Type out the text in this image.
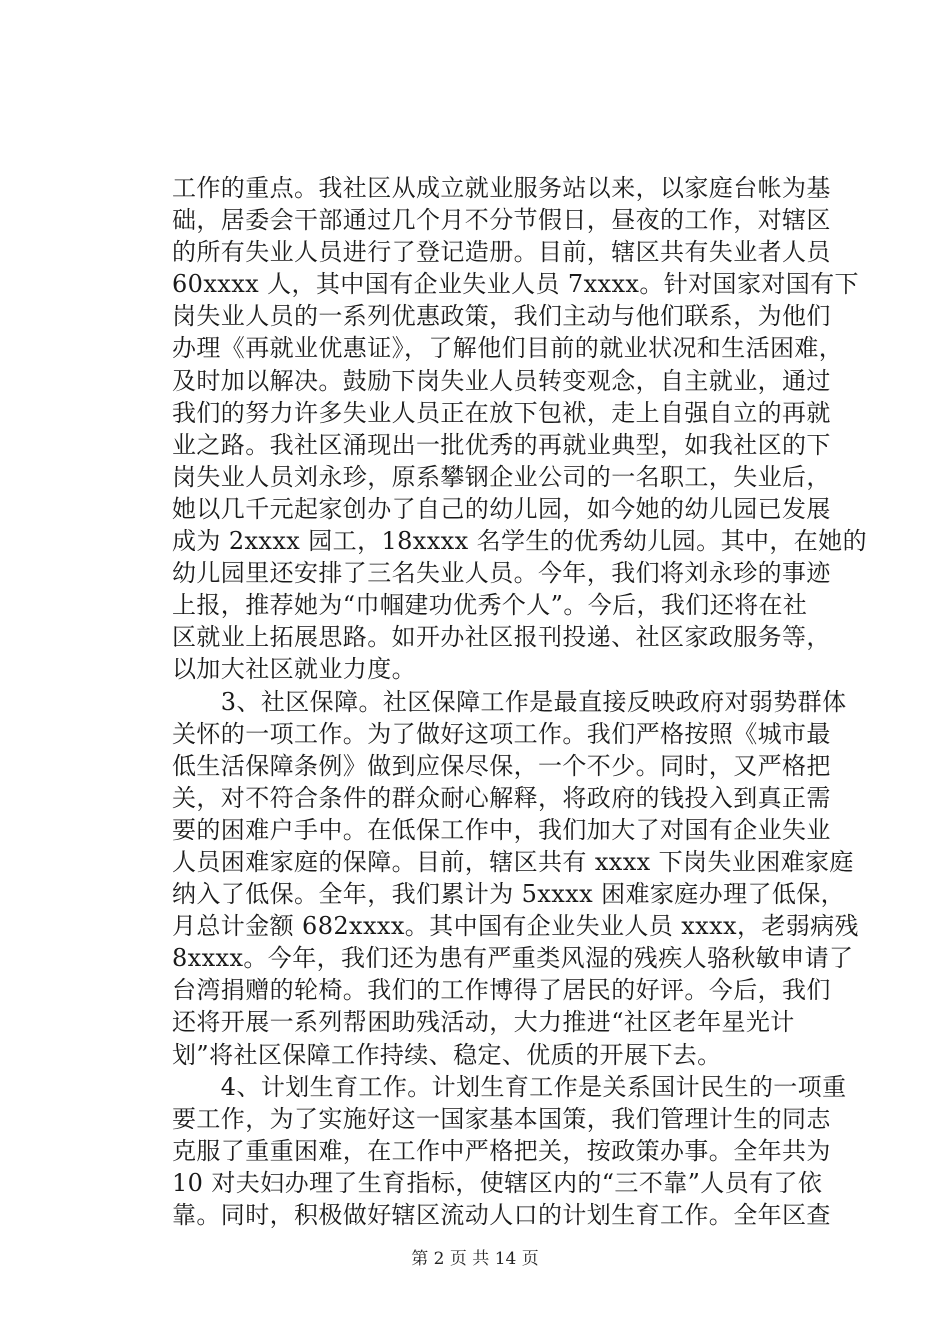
工作的重点。我社区从成立就业服务站以来，以家庭台帐为基
础，居委会干部通过几个月不分节假日，昼夜的工作，对辖区
的所有失业人员进行了登记造册。目前，辖区共有失业者人员
60xxxx 人，其中国有企业失业人员 7xxxx。针对国家对国有下
岗失业人员的一系列优惠政策，我们主动与他们联系，为他们
办理《再就业优惠证》，了解他们目前的就业状况和生活困难，
及时加以解决。鼓励下岗失业人员转变观念，自主就业，通过
我们的努力许多失业人员正在放下包袱，走上自强自立的再就
业之路。我社区涌现出一批优秀的再就业典型，如我社区的下
岗失业人员刘永珍，原系攀钢企业公司的一名职工，失业后，
她以几千元起家创办了自己的幼儿园，如今她的幼儿园已发展
成为 2xxxx 园工，18xxxx 名学生的优秀幼儿园。其中，在她的
幼儿园里还安排了三名失业人员。今年，我们将刘永珍的事迹
上报，推荐她为“巾帼建功优秀个人”。今后，我们还将在社
区就业上拓展思路。如开办社区报刊投递、社区家政服务等，
以加大社区就业力度。
　　3、社区保障。社区保障工作是最直接反映政府对弱势群体
关怀的一项工作。为了做好这项工作。我们严格按照《城市最
低生活保障条例》做到应保尽保，一个不少。同时，又严格把
关，对不符合条件的群众耐心解释，将政府的钱投入到真正需
要的困难户手中。在低保工作中，我们加大了对国有企业失业
人员困难家庭的保障。目前，辖区共有 xxxx 下岗失业困难家庭
纳入了低保。全年，我们累计为 5xxxx 困难家庭办理了低保，
月总计金额 682xxxx。其中国有企业失业人员 xxxx，老弱病残
8xxxx。今年，我们还为患有严重类风湿的残疾人骆秋敏申请了
台湾捐赠的轮椅。我们的工作博得了居民的好评。今后，我们
还将开展一系列帮困助残活动，大力推进“社区老年星光计
划”将社区保障工作持续、稳定、优质的开展下去。
　　4、计划生育工作。计划生育工作是关系国计民生的一项重
要工作，为了实施好这一国家基本国策，我们管理计生的同志
克服了重重困难，在工作中严格把关，按政策办事。全年共为
10 对夫妇办理了生育指标，使辖区内的“三不靠”人员有了依
靠。同时，积极做好辖区流动人口的计划生育工作。全年区查
第 2 页 共 14 页
